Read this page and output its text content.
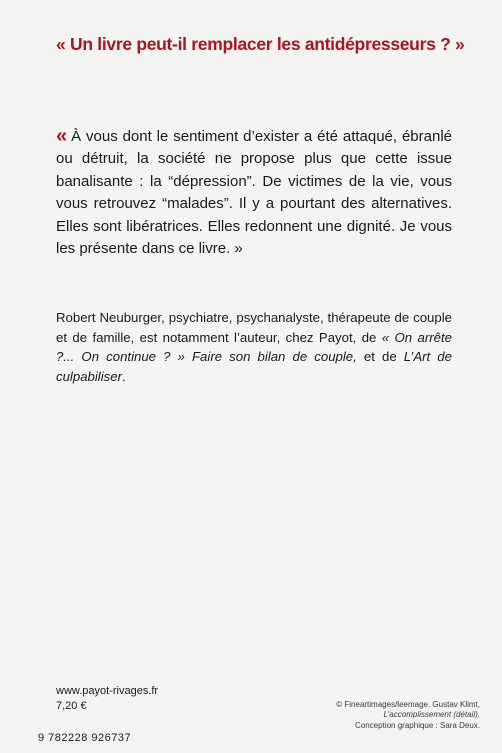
« Un livre peut-il remplacer les antidépresseurs ? »
« À vous dont le sentiment d’exister a été attaqué, ébranlé ou détruit, la société ne propose plus que cette issue banalisante : la “dépression”. De victimes de la vie, vous vous retrouvez “malades”. Il y a pourtant des alternatives. Elles sont libératrices. Elles redonnent une dignité. Je vous les présente dans ce livre. »
Robert Neuburger, psychiatre, psychanalyste, thérapeute de couple et de famille, est notamment l’auteur, chez Payot, de « On arrête ?... On continue ? » Faire son bilan de couple, et de L’Art de culpabiliser.
www.payot-rivages.fr
7,20 €
9 782228 926737
© Fineartimages/leemage. Gustav Klimt,
L’accomplissement (détail).
Conception graphique : Sara Deux.
